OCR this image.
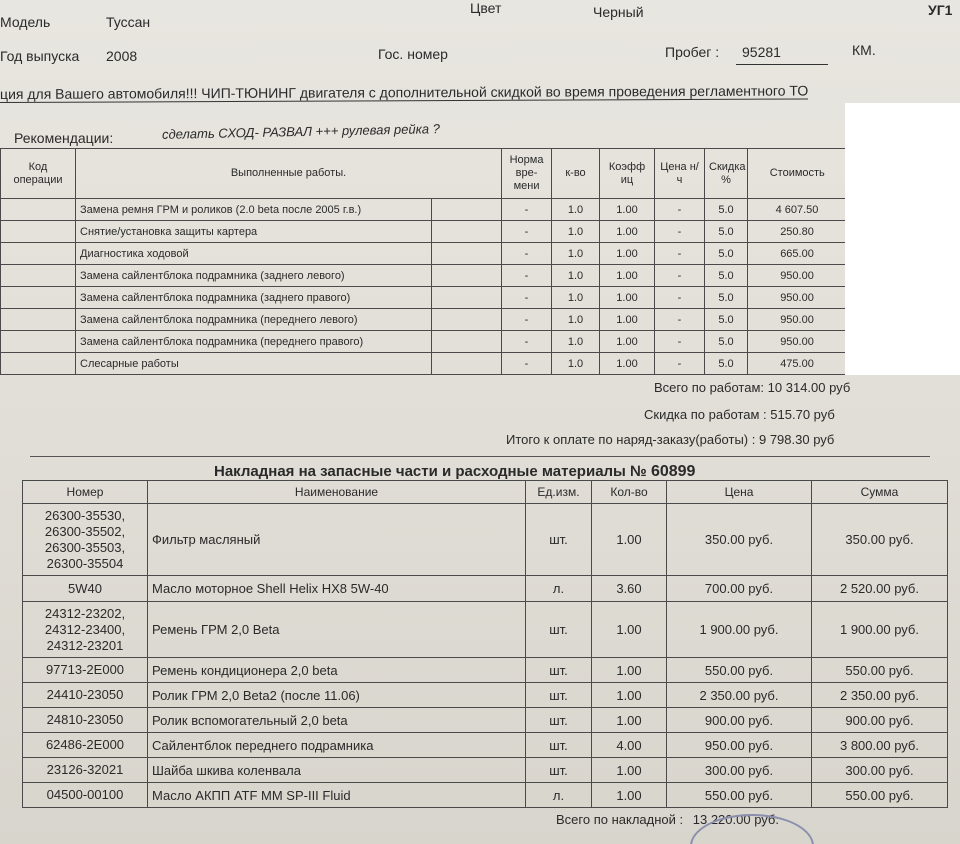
Модель	Туссан
Цвет	Черный	УГ1
Год выпуска 2008	Гос. номер	Пробег :	95281	КМ.
ция для Вашего автомобиля!!! ЧИП-ТЮНИНГ двигателя с дополнительной скидкой во время проведения регламентного ТО
Рекомендации:	сделать СХОД- РАЗВАЛ +++ рулевая рейка ?
Код операции	Выполненные работы.		Норма вре- мени	к-во	Коэфф иц	Цена н/ч	Скидка %	Стоимость
	Замена ремня ГРМ и роликов (2.0 beta после 2005 г.в.)		-	1.0	1.00	-	5.0	4 607.50
	Снятие/установка защиты картера		-	1.0	1.00	-	5.0	250.80
	Диагностика ходовой		-	1.0	1.00	-	5.0	665.00
	Замена сайлентблока подрамника (заднего левого)		-	1.0	1.00	-	5.0	950.00
	Замена сайлентблока подрамника (заднего правого)		-	1.0	1.00	-	5.0	950.00
	Замена сайлентблока подрамника (переднего левого)		-	1.0	1.00	-	5.0	950.00
	Замена сайлентблока подрамника (переднего правого)		-	1.0	1.00	-	5.0	950.00
	Слесарные работы		-	1.0	1.00	-	5.0	475.00
Всего по работам: 10 314.00 руб
Скидка по работам : 515.70 руб
Итого к оплате по наряд-заказу(работы) : 9 798.30 руб
Накладная на запасные части и расходные материалы № 60899
Номер	Наименование	Ед.изм.	Кол-во	Цена	Сумма

26300-35530,
26300-35502,
26300-35503,
26300-35504	Фильтр масляный	шт.	1.00	350.00 руб.	350.00 руб.

5W40	Масло моторное Shell Helix HX8 5W-40	л.	3.60	700.00 руб.	2 520.00 руб.

24312-23202,
24312-23400,
24312-23201	Ремень ГРМ 2,0 Beta	шт.	1.00	1 900.00 руб.	1 900.00 руб.

97713-2E000	Ремень кондиционера 2,0 beta	шт.	1.00	550.00 руб.	550.00 руб.

24410-23050	Ролик ГРМ 2,0 Beta2 (после 11.06)	шт.	1.00	2 350.00 руб.	2 350.00 руб.

24810-23050	Ролик вспомогательный 2,0 beta	шт.	1.00	900.00 руб.	900.00 руб.

62486-2E000	Сайлентблок переднего подрамника	шт.	4.00	950.00 руб.	3 800.00 руб.

23126-32021	Шайба шкива коленвала	шт.	1.00	300.00 руб.	300.00 руб.

04500-00100	Масло АКПП ATF MM SP-III Fluid	л.	1.00	550.00 руб.	550.00 руб.
Всего по накладной : 13 220.00 руб.
